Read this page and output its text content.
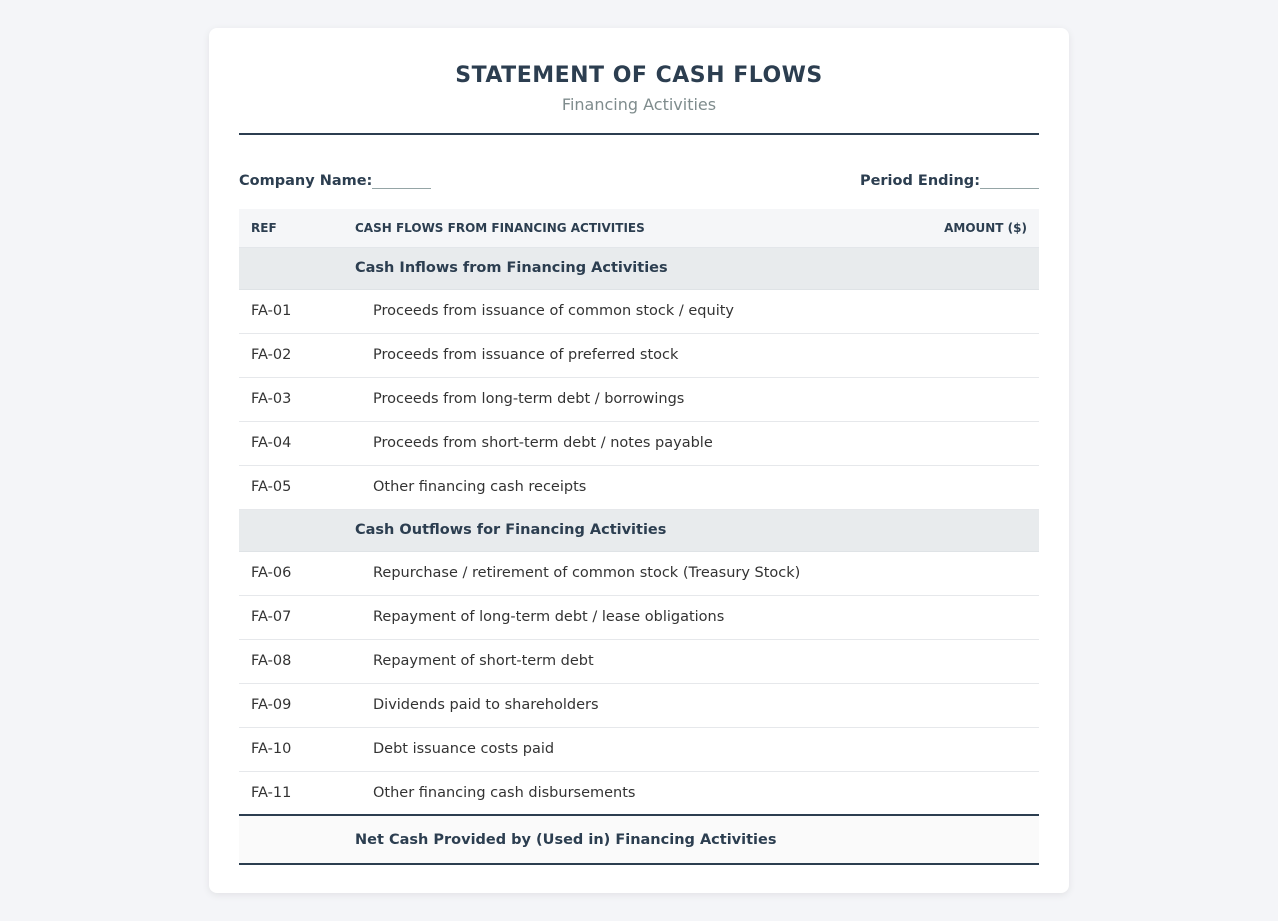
STATEMENT OF CASH FLOWS
Financing Activities
Company Name:	Period Ending:
REF	CASH FLOWS FROM FINANCING ACTIVITIES	AMOUNT ($)
	Cash Inflows from Financing Activities	
FA-01	Proceeds from issuance of common stock / equity	
FA-02	Proceeds from issuance of preferred stock	
FA-03	Proceeds from long-term debt / borrowings	
FA-04	Proceeds from short-term debt / notes payable	
FA-05	Other financing cash receipts	
	Cash Outflows for Financing Activities	
FA-06	Repurchase / retirement of common stock (Treasury Stock)	
FA-07	Repayment of long-term debt / lease obligations	
FA-08	Repayment of short-term debt	
FA-09	Dividends paid to shareholders	
FA-10	Debt issuance costs paid	
FA-11	Other financing cash disbursements	
	Net Cash Provided by (Used in) Financing Activities	
